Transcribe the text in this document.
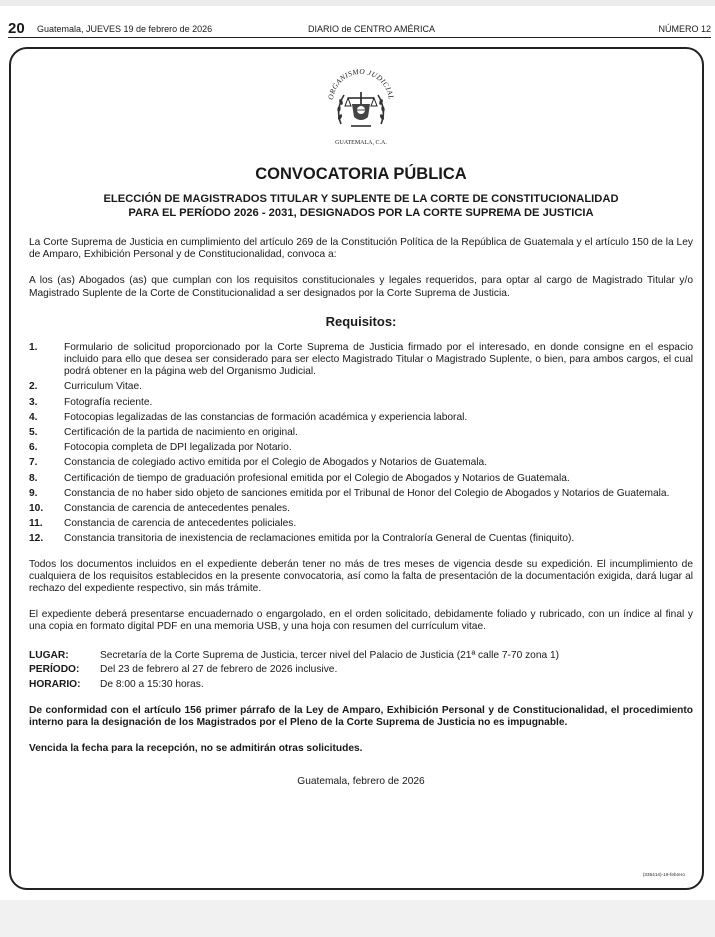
20 Guatemala, JUEVES 19 de febrero de 2026	DIARIO de CENTRO AMÉRICA	NÚMERO 12
ORGANISMO JUDICIAL
GUATEMALA, C.A.
CONVOCATORIA PÚBLICA
ELECCIÓN DE MAGISTRADOS TITULAR Y SUPLENTE DE LA CORTE DE CONSTITUCIONALIDAD
PARA EL PERÍODO 2026 - 2031, DESIGNADOS POR LA CORTE SUPREMA DE JUSTICIA

La Corte Suprema de Justicia en cumplimiento del artículo 269 de la Constitución Política de la República de Guatemala y el artículo 150 de la Ley de Amparo, Exhibición Personal y de Constitucionalidad, convoca a:

A los (as) Abogados (as) que cumplan con los requisitos constitucionales y legales requeridos, para optar al cargo de Magistrado Titular y/o Magistrado Suplente de la Corte de Constitucionalidad a ser designados por la Corte Suprema de Justicia.

Requisitos:
1.	Formulario de solicitud proporcionado por la Corte Suprema de Justicia firmado por el interesado, en donde consigne en el espacio incluido para ello que desea ser considerado para ser electo Magistrado Titular o Magistrado Suplente, o bien, para ambos cargos, el cual podrá obtener en la página web del Organismo Judicial.
2.	Curriculum Vitae.
3.	Fotografía reciente.
4.	Fotocopias legalizadas de las constancias de formación académica y experiencia laboral.
5.	Certificación de la partida de nacimiento en original.
6.	Fotocopia completa de DPI legalizada por Notario.
7.	Constancia de colegiado activo emitida por el Colegio de Abogados y Notarios de Guatemala.
8.	Certificación de tiempo de graduación profesional emitida por el Colegio de Abogados y Notarios de Guatemala.
9.	Constancia de no haber sido objeto de sanciones emitida por el Tribunal de Honor del Colegio de Abogados y Notarios de Guatemala.
10. Constancia de carencia de antecedentes penales.
11. Constancia de carencia de antecedentes policiales.
12. Constancia transitoria de inexistencia de reclamaciones emitida por la Contraloría General de Cuentas (finiquito).

Todos los documentos incluidos en el expediente deberán tener no más de tres meses de vigencia desde su expedición. El incumplimiento de cualquiera de los requisitos establecidos en la presente convocatoria, así como la falta de presentación de la documentación exigida, dará lugar al rechazo del expediente respectivo, sin más trámite.

El expediente deberá presentarse encuadernado o engargolado, en el orden solicitado, debidamente foliado y rubricado, con un índice al final y una copia en formato digital PDF en una memoria USB, y una hoja con resumen del currículum vitae.

LUGAR:	Secretaría de la Corte Suprema de Justicia, tercer nivel del Palacio de Justicia (21ª calle 7-70 zona 1)
PERÍODO: Del 23 de febrero al 27 de febrero de 2026 inclusive.
HORARIO: De 8:00 a 15:30 horas.

De conformidad con el artículo 156 primer párrafo de la Ley de Amparo, Exhibición Personal y de Constitucionalidad, el procedimiento interno para la designación de los Magistrados por el Pleno de la Corte Suprema de Justicia no es impugnable.

Vencida la fecha para la recepción, no se admitirán otras solicitudes.

Guatemala, febrero de 2026
(336414)-19-febrero
